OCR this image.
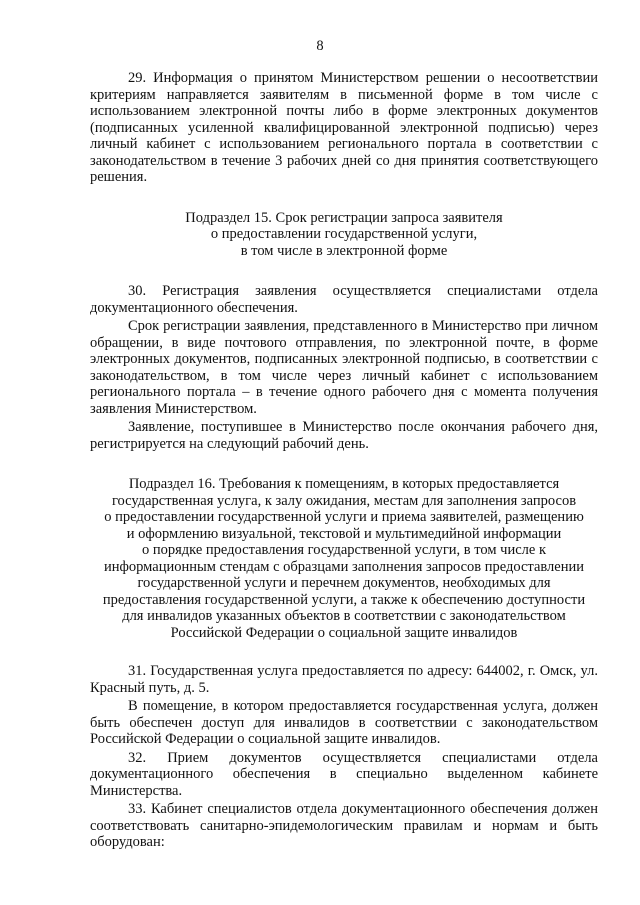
8

29. Информация о принятом Министерством решении о несоответствии критериям направляется заявителям в письменной форме в том числе с использованием электронной почты либо в форме электронных документов (подписанных усиленной квалифицированной электронной подписью) через личный кабинет с использованием регионального портала в соответствии с законодательством в течение 3 рабочих дней со дня принятия соответствующего решения.

Подраздел 15. Срок регистрации запроса заявителя
о предоставлении государственной услуги,
в том числе в электронной форме

30. Регистрация заявления осуществляется специалистами отдела документационного обеспечения.

Срок регистрации заявления, представленного в Министерство при личном обращении, в виде почтового отправления, по электронной почте, в форме электронных документов, подписанных электронной подписью, в соответствии с законодательством, в том числе через личный кабинет с использованием регионального портала – в течение одного рабочего дня с момента получения заявления Министерством.

Заявление, поступившее в Министерство после окончания рабочего дня, регистрируется на следующий рабочий день.

Подраздел 16. Требования к помещениям, в которых предоставляется
государственная услуга, к залу ожидания, местам для заполнения запросов
о предоставлении государственной услуги и приема заявителей, размещению
и оформлению визуальной, текстовой и мультимедийной информации
о порядке предоставления государственной услуги, в том числе к
информационным стендам с образцами заполнения запросов предоставлении
государственной услуги и перечнем документов, необходимых для
предоставления государственной услуги, а также к обеспечению доступности
для инвалидов указанных объектов в соответствии с законодательством
Российской Федерации о социальной защите инвалидов

31. Государственная услуга предоставляется по адресу: 644002, г. Омск, ул. Красный путь, д. 5.

В помещение, в котором предоставляется государственная услуга, должен быть обеспечен доступ для инвалидов в соответствии с законодательством Российской Федерации о социальной защите инвалидов.

32. Прием документов осуществляется специалистами отдела документационного обеспечения в специально выделенном кабинете Министерства.

33. Кабинет специалистов отдела документационного обеспечения должен соответствовать санитарно-эпидемологическим правилам и нормам и быть оборудован:
